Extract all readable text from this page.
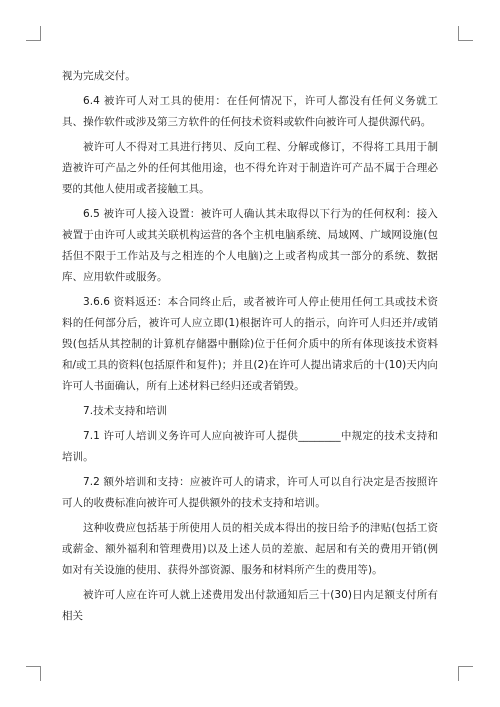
视为完成交付。

6.4 被许可人对工具的使用：在任何情况下，许可人都没有任何义务就工具、操作软件或涉及第三方软件的任何技术资料或软件向被许可人提供源代码。

被许可人不得对工具进行拷贝、反向工程、分解或修订，不得将工具用于制造被许可产品之外的任何其他用途，也不得允许对于制造许可产品不属于合理必要的其他人使用或者接触工具。

6.5 被许可人接入设置：被许可人确认其未取得以下行为的任何权利：接入被置于由许可人或其关联机构运营的各个主机电脑系统、局域网、广域网设施(包括但不限于工作站及与之相连的个人电脑)之上或者构成其一部分的系统、数据库、应用软件或服务。

3.6.6 资料返还：本合同终止后，或者被许可人停止使用任何工具或技术资料的任何部分后，被许可人应立即(1)根据许可人的指示，向许可人归还并/或销毁(包括从其控制的计算机存储器中删除)位于任何介质中的所有体现该技术资料和/或工具的资料(包括原件和复件)；并且(2)在许可人提出请求后的十(10)天内向许可人书面确认，所有上述材料已经归还或者销毁。

7.技术支持和培训

7.1 许可人培训义务许可人应向被许可人提供________中规定的技术支持和培训。

7.2 额外培训和支持：应被许可人的请求，许可人可以自行决定是否按照许可人的收费标准向被许可人提供额外的技术支持和培训。

这种收费应包括基于所使用人员的相关成本得出的按日给予的津贴(包括工资或薪金、额外福利和管理费用)以及上述人员的差旅、起居和有关的费用开销(例如对有关设施的使用、获得外部资源、服务和材料所产生的费用等)。

被许可人应在许可人就上述费用发出付款通知后三十(30)日内足额支付所有相关
